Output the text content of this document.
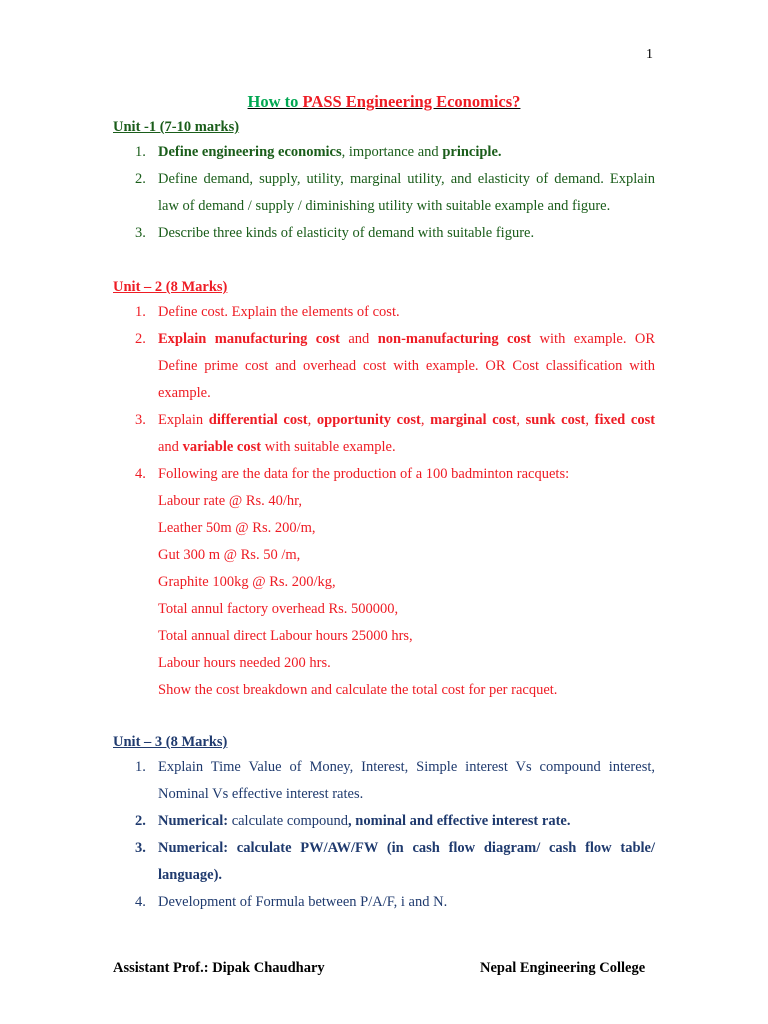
1
How to PASS Engineering Economics?
Unit -1 (7-10 marks)
1. Define engineering economics, importance and principle.
2. Define demand, supply, utility, marginal utility, and elasticity of demand. Explain law of demand / supply / diminishing utility with suitable example and figure.
3. Describe three kinds of elasticity of demand with suitable figure.
Unit – 2 (8 Marks)
1. Define cost. Explain the elements of cost.
2. Explain manufacturing cost and non-manufacturing cost with example. OR Define prime cost and overhead cost with example. OR Cost classification with example.
3. Explain differential cost, opportunity cost, marginal cost, sunk cost, fixed cost and variable cost with suitable example.
4. Following are the data for the production of a 100 badminton racquets:
Labour rate @ Rs. 40/hr,
Leather 50m @ Rs. 200/m,
Gut 300 m @ Rs. 50 /m,
Graphite 100kg @ Rs. 200/kg,
Total annul factory overhead Rs. 500000,
Total annual direct Labour hours 25000 hrs,
Labour hours needed 200 hrs.
Show the cost breakdown and calculate the total cost for per racquet.
Unit – 3 (8 Marks)
1. Explain Time Value of Money, Interest, Simple interest Vs compound interest, Nominal Vs effective interest rates.
2. Numerical: calculate compound, nominal and effective interest rate.
3. Numerical: calculate PW/AW/FW (in cash flow diagram/ cash flow table/ language).
4. Development of Formula between P/A/F, i and N.
Assistant Prof.: Dipak Chaudhary	Nepal Engineering College
